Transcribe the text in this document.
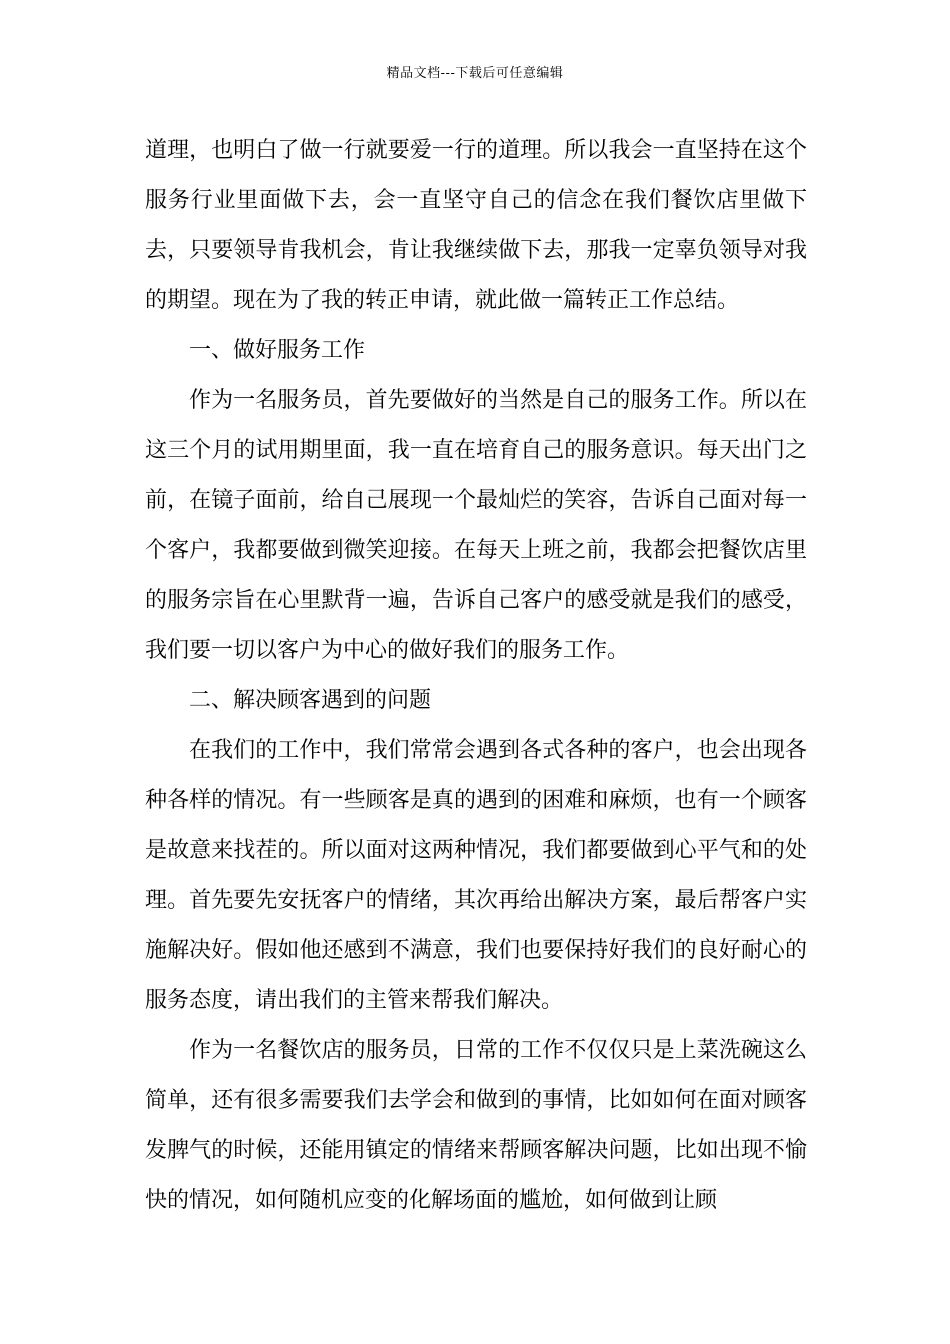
精品文档---下载后可任意编辑

道理，也明白了做一行就要爱一行的道理。所以我会一直坚持在这个服务行业里面做下去，会一直坚守自己的信念在我们餐饮店里做下去，只要领导肯我机会，肯让我继续做下去，那我一定辜负领导对我的期望。现在为了我的转正申请，就此做一篇转正工作总结。

一、做好服务工作

作为一名服务员，首先要做好的当然是自己的服务工作。所以在这三个月的试用期里面，我一直在培育自己的服务意识。每天出门之前，在镜子面前，给自己展现一个最灿烂的笑容，告诉自己面对每一个客户，我都要做到微笑迎接。在每天上班之前，我都会把餐饮店里的服务宗旨在心里默背一遍，告诉自己客户的感受就是我们的感受，我们要一切以客户为中心的做好我们的服务工作。

二、解决顾客遇到的问题

在我们的工作中，我们常常会遇到各式各种的客户，也会出现各种各样的情况。有一些顾客是真的遇到的困难和麻烦，也有一个顾客是故意来找茬的。所以面对这两种情况，我们都要做到心平气和的处理。首先要先安抚客户的情绪，其次再给出解决方案，最后帮客户实施解决好。假如他还感到不满意，我们也要保持好我们的良好耐心的服务态度，请出我们的主管来帮我们解决。

作为一名餐饮店的服务员，日常的工作不仅仅只是上菜洗碗这么简单，还有很多需要我们去学会和做到的事情，比如如何在面对顾客发脾气的时候，还能用镇定的情绪来帮顾客解决问题，比如出现不愉快的情况，如何随机应变的化解场面的尴尬，如何做到让顾
